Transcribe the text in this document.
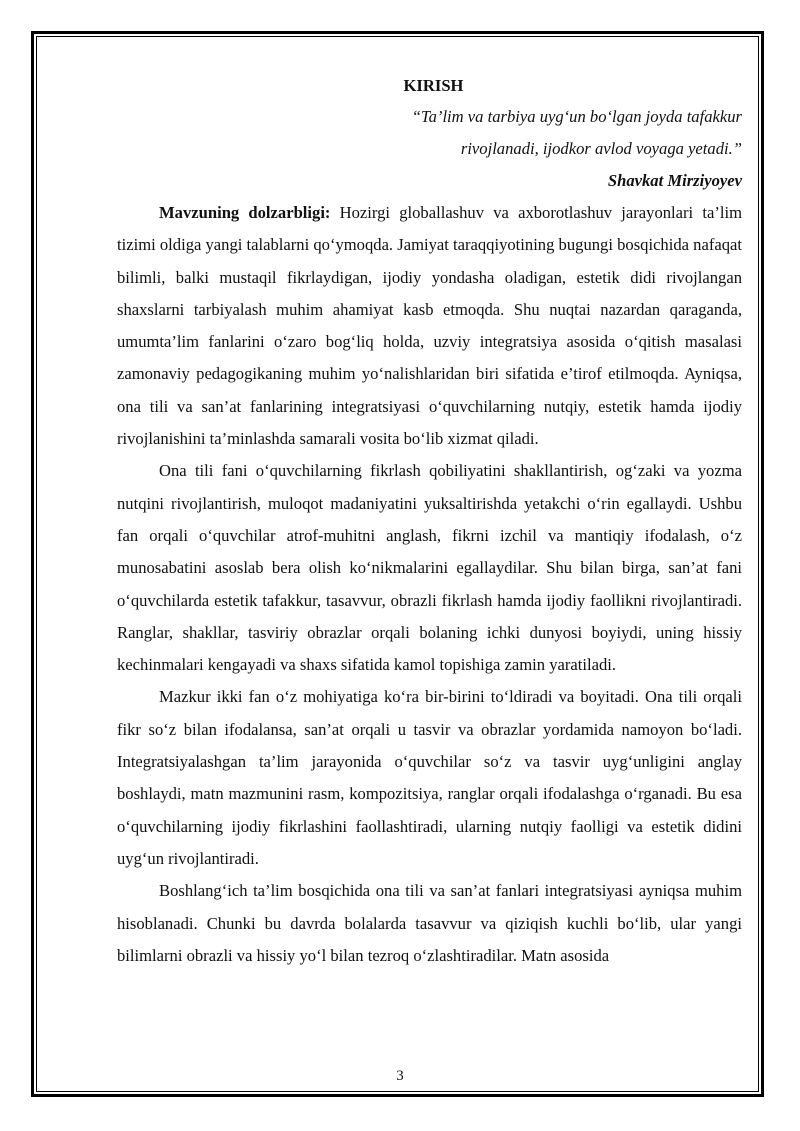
KIRISH

“Ta’lim va tarbiya uyg‘un bo‘lgan joyda tafakkur

rivojlanadi, ijodkor avlod voyaga yetadi.”

Shavkat Mirziyoyev

Mavzuning dolzarbligi: Hozirgi globallashuv va axborotlashuv jarayonlari ta’lim tizimi oldiga yangi talablarni qo‘ymoqda. Jamiyat taraqqiyotining bugungi bosqichida nafaqat bilimli, balki mustaqil fikrlaydigan, ijodiy yondasha oladigan, estetik didi rivojlangan shaxslarni tarbiyalash muhim ahamiyat kasb etmoqda. Shu nuqtai nazardan qaraganda, umumta’lim fanlarini o‘zaro bog‘liq holda, uzviy integratsiya asosida o‘qitish masalasi zamonaviy pedagogikaning muhim yo‘nalishlaridan biri sifatida e’tirof etilmoqda. Ayniqsa, ona tili va san’at fanlarining integratsiyasi o‘quvchilarning nutqiy, estetik hamda ijodiy rivojlanishini ta’minlashda samarali vosita bo‘lib xizmat qiladi.

Ona tili fani o‘quvchilarning fikrlash qobiliyatini shakllantirish, og‘zaki va yozma nutqini rivojlantirish, muloqot madaniyatini yuksaltirishda yetakchi o‘rin egallaydi. Ushbu fan orqali o‘quvchilar atrof-muhitni anglash, fikrni izchil va mantiqiy ifodalash, o‘z munosabatini asoslab bera olish ko‘nikmalarini egallaydilar. Shu bilan birga, san’at fani o‘quvchilarda estetik tafakkur, tasavvur, obrazli fikrlash hamda ijodiy faollikni rivojlantiradi. Ranglar, shakllar, tasviriy obrazlar orqali bolaning ichki dunyosi boyiydi, uning hissiy kechinmalari kengayadi va shaxs sifatida kamol topishiga zamin yaratiladi.

Mazkur ikki fan o‘z mohiyatiga ko‘ra bir-birini to‘ldiradi va boyitadi. Ona tili orqali fikr so‘z bilan ifodalansa, san’at orqali u tasvir va obrazlar yordamida namoyon bo‘ladi. Integratsiyalashgan ta’lim jarayonida o‘quvchilar so‘z va tasvir uyg‘unligini anglay boshlaydi, matn mazmunini rasm, kompozitsiya, ranglar orqali ifodalashga o‘rganadi. Bu esa o‘quvchilarning ijodiy fikrlashini faollashtiradi, ularning nutqiy faolligi va estetik didini uyg‘un rivojlantiradi.

Boshlang‘ich ta’lim bosqichida ona tili va san’at fanlari integratsiyasi ayniqsa muhim hisoblanadi. Chunki bu davrda bolalarda tasavvur va qiziqish kuchli bo‘lib, ular yangi bilimlarni obrazli va hissiy yo‘l bilan tezroq o‘zlashtiradilar. Matn asosida

3
